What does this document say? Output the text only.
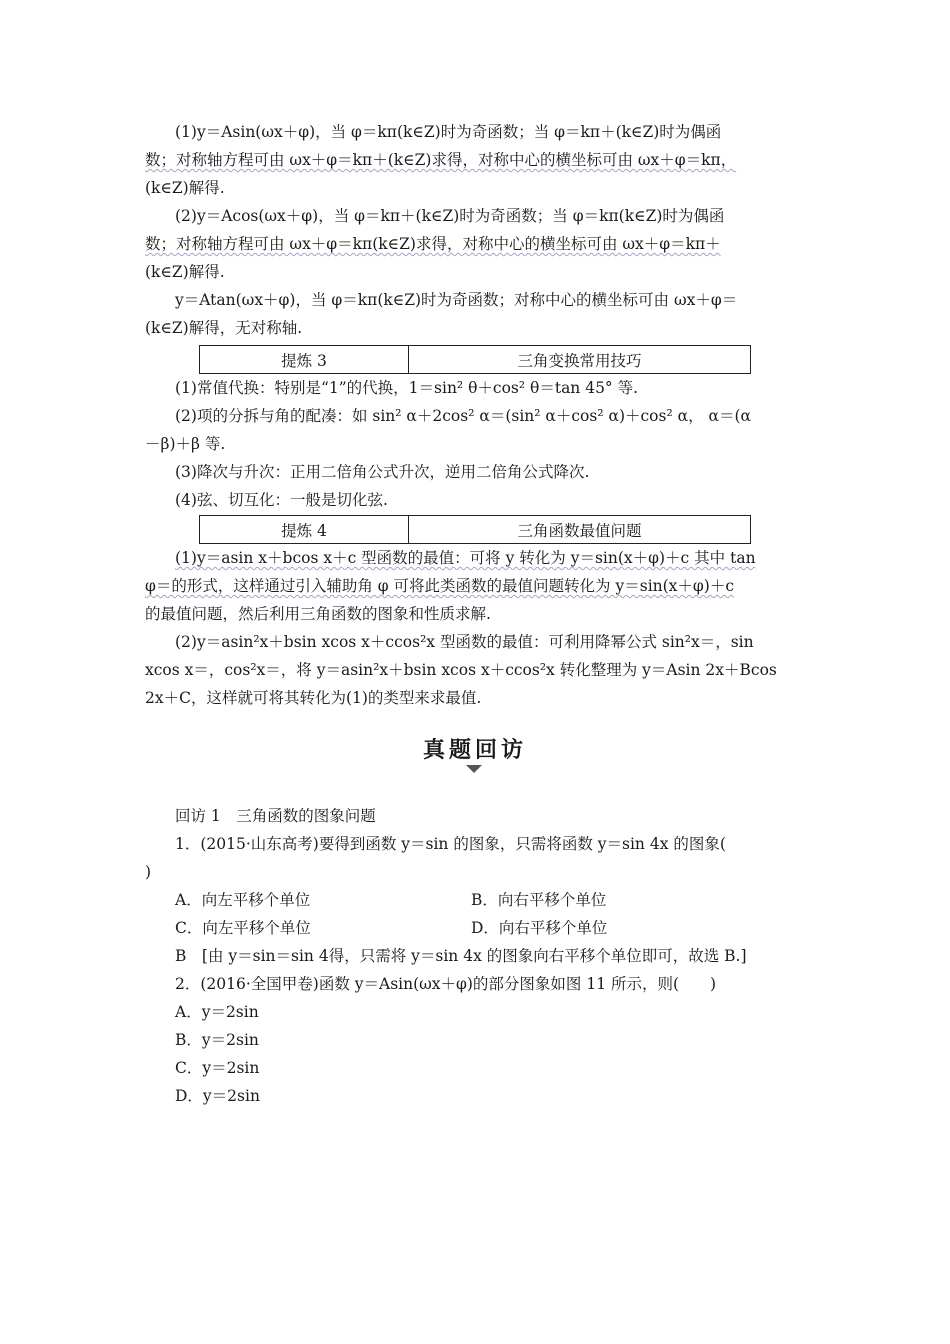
(1)y＝Asin(ωx＋φ)，当 φ＝kπ(k∈Z)时为奇函数；当 φ＝kπ＋(k∈Z)时为偶函
数；对称轴方程可由 ωx＋φ＝kπ＋(k∈Z)求得，对称中心的横坐标可由 ωx＋φ＝kπ，
(k∈Z)解得.
(2)y＝Acos(ωx＋φ)，当 φ＝kπ＋(k∈Z)时为奇函数；当 φ＝kπ(k∈Z)时为偶函
数；对称轴方程可由 ωx＋φ＝kπ(k∈Z)求得，对称中心的横坐标可由 ωx＋φ＝kπ＋
(k∈Z)解得.
y＝Atan(ωx＋φ)，当 φ＝kπ(k∈Z)时为奇函数；对称中心的横坐标可由 ωx＋φ＝
(k∈Z)解得，无对称轴.
提炼 3	三角变换常用技巧
(1)常值代换：特别是“1”的代换，1＝sin² θ＋cos² θ＝tan 45° 等.
(2)项的分拆与角的配凑：如 sin² α＋2cos² α＝(sin² α＋cos² α)＋cos² α， α＝(α
－β)＋β 等.
(3)降次与升次：正用二倍角公式升次，逆用二倍角公式降次.
(4)弦、切互化：一般是切化弦.
提炼 4	三角函数最值问题
(1)y＝asin x＋bcos x＋c 型函数的最值：可将 y 转化为 y＝sin(x＋φ)＋c 其中 tan
φ＝的形式，这样通过引入辅助角 φ 可将此类函数的最值问题转化为 y＝sin(x＋φ)＋c
的最值问题，然后利用三角函数的图象和性质求解.
(2)y＝asin²x＋bsin xcos x＋ccos²x 型函数的最值：可利用降幂公式 sin²x＝，sin
xcos x＝，cos²x＝，将 y＝asin²x＋bsin xcos x＋ccos²x 转化整理为 y＝Asin 2x＋Bcos
2x＋C，这样就可将其转化为(1)的类型来求最值.
真题回访
回访 1　三角函数的图象问题
1．(2015·山东高考)要得到函数 y＝sin 的图象，只需将函数 y＝sin 4x 的图象(
)
A．向左平移个单位	B．向右平移个单位
C．向左平移个单位	D．向右平移个单位
B　[由 y＝sin＝sin 4得，只需将 y＝sin 4x 的图象向右平移个单位即可，故选 B.]
2．(2016·全国甲卷)函数 y＝Asin(ωx＋φ)的部分图象如图 11 所示，则(　　)
A．y＝2sin
B．y＝2sin
C．y＝2sin
D．y＝2sin
